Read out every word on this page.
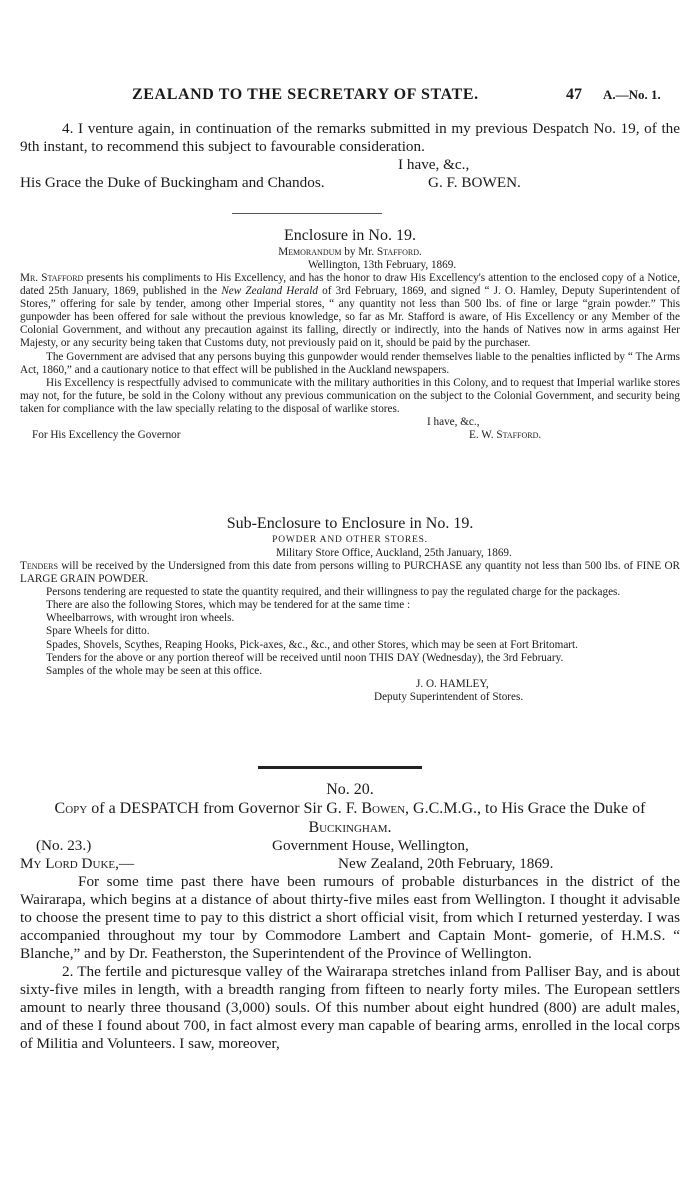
ZEALAND TO THE SECRETARY OF STATE.	47 A.—No. 1.

4. I venture again, in continuation of the remarks submitted in my previous Despatch No. 19, of the 9th instant, to recommend this subject to favourable consideration.

I have, &c.,
His Grace the Duke of Buckingham and Chandos.	G. F. BOWEN.
Enclosure in No. 19.
Memorandum by Mr. Stafford.
Wellington, 13th February, 1869.

Mr. Stafford presents his compliments to His Excellency, and has the honor to draw His Excellency's attention to the enclosed copy of a Notice, dated 25th January, 1869, published in the New Zealand Herald of 3rd February, 1869, and signed “ J. O. Hamley, Deputy Superintendent of Stores,” offering for sale by tender, among other Imperial stores, “ any quantity not less than 500 lbs. of fine or large “grain powder.” This gunpowder has been offered for sale without the previous knowledge, so far as Mr. Stafford is aware, of His Excellency or any Member of the Colonial Government, and without any precaution against its falling, directly or indirectly, into the hands of Natives now in arms against Her Majesty, or any security being taken that Customs duty, not previously paid on it, should be paid by the purchaser.

The Government are advised that any persons buying this gunpowder would render themselves liable to the penalties inflicted by “ The Arms Act, 1860,” and a cautionary notice to that effect will be published in the Auckland newspapers.

His Excellency is respectfully advised to communicate with the military authorities in this Colony, and to request that Imperial warlike stores may not, for the future, be sold in the Colony without any previous communication on the subject to the Colonial Government, and security being taken for compliance with the law specially relating to the disposal of warlike stores.

I have, &c.,
For His Excellency the Governor	E. W. Stafford.
Sub-Enclosure to Enclosure in No. 19.
POWDER AND OTHER STORES.
Military Store Office, Auckland, 25th January, 1869.

Tenders will be received by the Undersigned from this date from persons willing to PURCHASE any quantity not less than 500 lbs. of FINE OR LARGE GRAIN POWDER.

Persons tendering are requested to state the quantity required, and their willingness to pay the regulated charge for the packages.

There are also the following Stores, which may be tendered for at the same time :

Wheelbarrows, with wrought iron wheels.

Spare Wheels for ditto.

Spades, Shovels, Scythes, Reaping Hooks, Pick-axes, &c., &c., and other Stores, which may be seen at Fort Britomart.

Tenders for the above or any portion thereof will be received until noon THIS DAY (Wednesday), the 3rd February.

Samples of the whole may be seen at this office.

J. O. HAMLEY,
Deputy Superintendent of Stores.
No. 20.
Copy of a DESPATCH from Governor Sir G. F. Bowen, G.C.M.G., to His Grace the Duke of Buckingham.
(No. 23.)	Government House, Wellington,
My Lord Duke,—	New Zealand, 20th February, 1869.

For some time past there have been rumours of probable disturbances in the district of the Wairarapa, which begins at a distance of about thirty-five miles east from Wellington. I thought it advisable to choose the present time to pay to this district a short official visit, from which I returned yesterday. I was accompanied throughout my tour by Commodore Lambert and Captain Mont- gomerie, of H.M.S. “ Blanche,” and by Dr. Featherston, the Superintendent of the Province of Wellington.

2. The fertile and picturesque valley of the Wairarapa stretches inland from Palliser Bay, and is about sixty-five miles in length, with a breadth ranging from fifteen to nearly forty miles. The European settlers amount to nearly three thousand (3,000) souls. Of this number about eight hundred (800) are adult males, and of these I found about 700, in fact almost every man capable of bearing arms, enrolled in the local corps of Militia and Volunteers. I saw, moreover,
